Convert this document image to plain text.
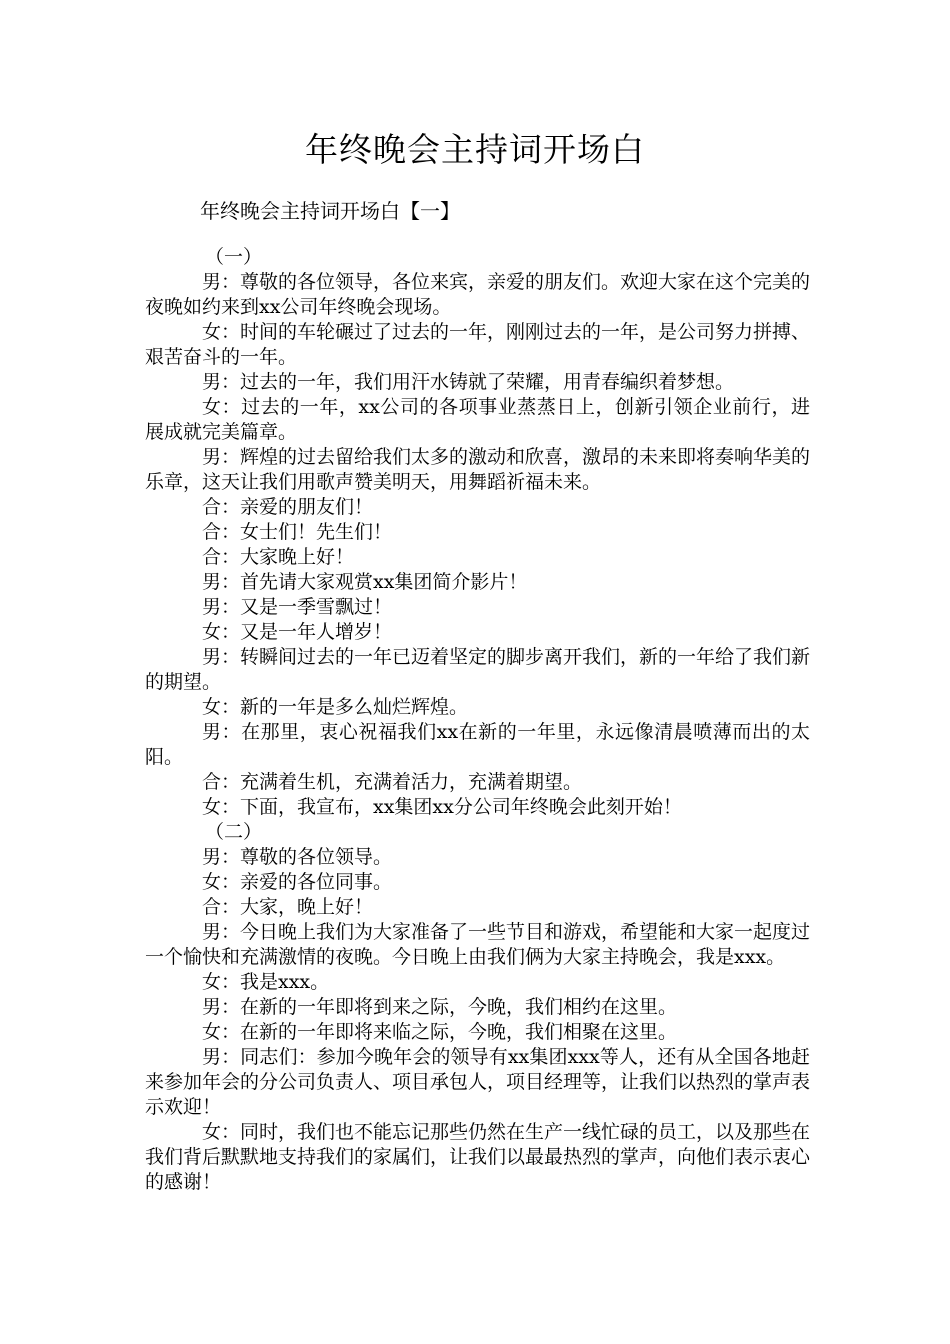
年终晚会主持词开场白
年终晚会主持词开场白【一】

（一）

男：尊敬的各位领导，各位来宾，亲爱的朋友们。欢迎大家在这个完美的夜晚如约来到xx公司年终晚会现场。

女：时间的车轮碾过了过去的一年，刚刚过去的一年，是公司努力拼搏、艰苦奋斗的一年。

男：过去的一年，我们用汗水铸就了荣耀，用青春编织着梦想。

女：过去的一年，xx公司的各项事业蒸蒸日上，创新引领企业前行，进展成就完美篇章。

男：辉煌的过去留给我们太多的激动和欣喜，激昂的未来即将奏响华美的乐章，这天让我们用歌声赞美明天，用舞蹈祈福未来。

合：亲爱的朋友们！

合：女士们！先生们！

合：大家晚上好！

男：首先请大家观赏xx集团简介影片！

男：又是一季雪飘过！

女：又是一年人增岁！

男：转瞬间过去的一年已迈着坚定的脚步离开我们，新的一年给了我们新的期望。

女：新的一年是多么灿烂辉煌。

男：在那里，衷心祝福我们xx在新的一年里，永远像清晨喷薄而出的太阳。

合：充满着生机，充满着活力，充满着期望。

女：下面，我宣布，xx集团xx分公司年终晚会此刻开始！

（二）

男：尊敬的各位领导。

女：亲爱的各位同事。

合：大家，晚上好！

男：今日晚上我们为大家准备了一些节目和游戏，希望能和大家一起度过一个愉快和充满激情的夜晚。今日晚上由我们俩为大家主持晚会，我是xxx。

女：我是xxx。

男：在新的一年即将到来之际，今晚，我们相约在这里。

女：在新的一年即将来临之际，今晚，我们相聚在这里。

男：同志们：参加今晚年会的领导有xx集团xxx等人，还有从全国各地赶来参加年会的分公司负责人、项目承包人，项目经理等，让我们以热烈的掌声表示欢迎！

女：同时，我们也不能忘记那些仍然在生产一线忙碌的员工，以及那些在我们背后默默地支持我们的家属们，让我们以最最热烈的掌声，向他们表示衷心的感谢！
